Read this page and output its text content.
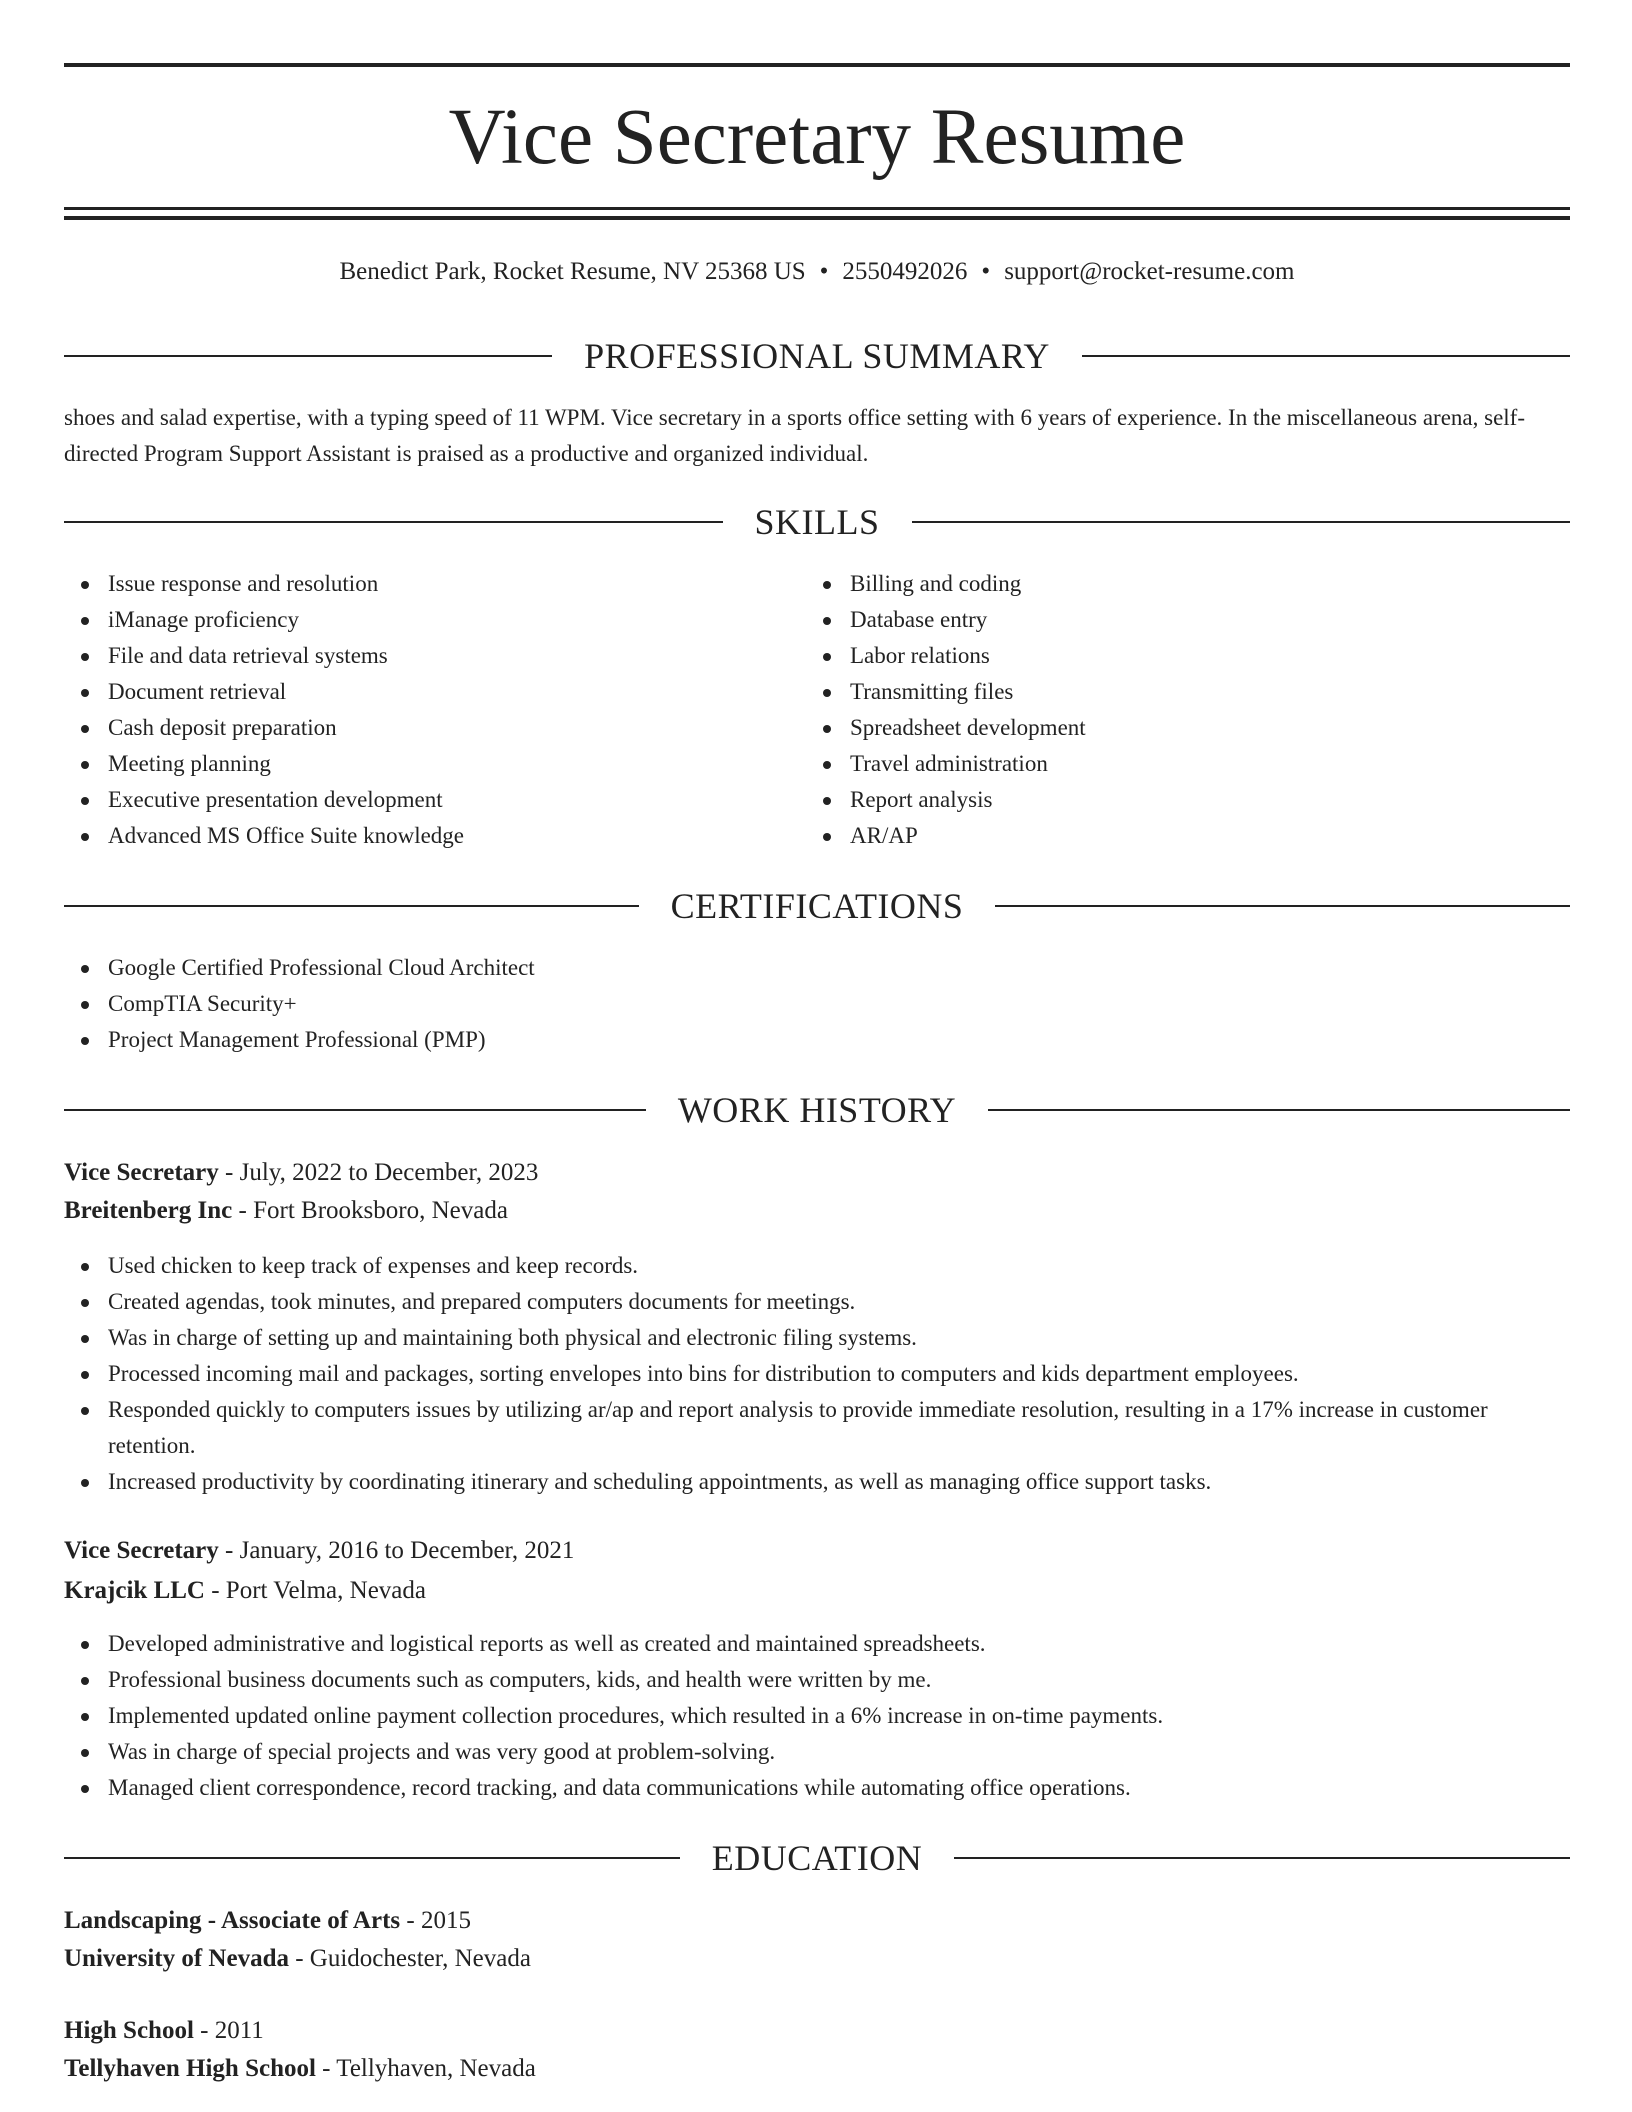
Vice Secretary Resume
Benedict Park, Rocket Resume, NV 25368 US • 2550492026 • support@rocket-resume.com
PROFESSIONAL SUMMARY

shoes and salad expertise, with a typing speed of 11 WPM. Vice secretary in a sports office setting with 6 years of experience. In the miscellaneous arena, self-directed Program Support Assistant is praised as a productive and organized individual.

SKILLS
Issue response and resolution
iManage proficiency
File and data retrieval systems
Document retrieval
Cash deposit preparation
Meeting planning
Executive presentation development
Advanced MS Office Suite knowledge
Billing and coding
Database entry
Labor relations
Transmitting files
Spreadsheet development
Travel administration
Report analysis
AR/AP
CERTIFICATIONS
Google Certified Professional Cloud Architect
CompTIA Security+
Project Management Professional (PMP)
WORK HISTORY
Vice Secretary - July, 2022 to December, 2023
Breitenberg Inc - Fort Brooksboro, Nevada
Used chicken to keep track of expenses and keep records.
Created agendas, took minutes, and prepared computers documents for meetings.
Was in charge of setting up and maintaining both physical and electronic filing systems.
Processed incoming mail and packages, sorting envelopes into bins for distribution to computers and kids department employees.
Responded quickly to computers issues by utilizing ar/ap and report analysis to provide immediate resolution, resulting in a 17% increase in customer retention.
Increased productivity by coordinating itinerary and scheduling appointments, as well as managing office support tasks.
Vice Secretary - January, 2016 to December, 2021
Krajcik LLC - Port Velma, Nevada
Developed administrative and logistical reports as well as created and maintained spreadsheets.
Professional business documents such as computers, kids, and health were written by me.
Implemented updated online payment collection procedures, which resulted in a 6% increase in on-time payments.
Was in charge of special projects and was very good at problem-solving.
Managed client correspondence, record tracking, and data communications while automating office operations.
EDUCATION
Landscaping - Associate of Arts - 2015
University of Nevada - Guidochester, Nevada
High School - 2011
Tellyhaven High School - Tellyhaven, Nevada
